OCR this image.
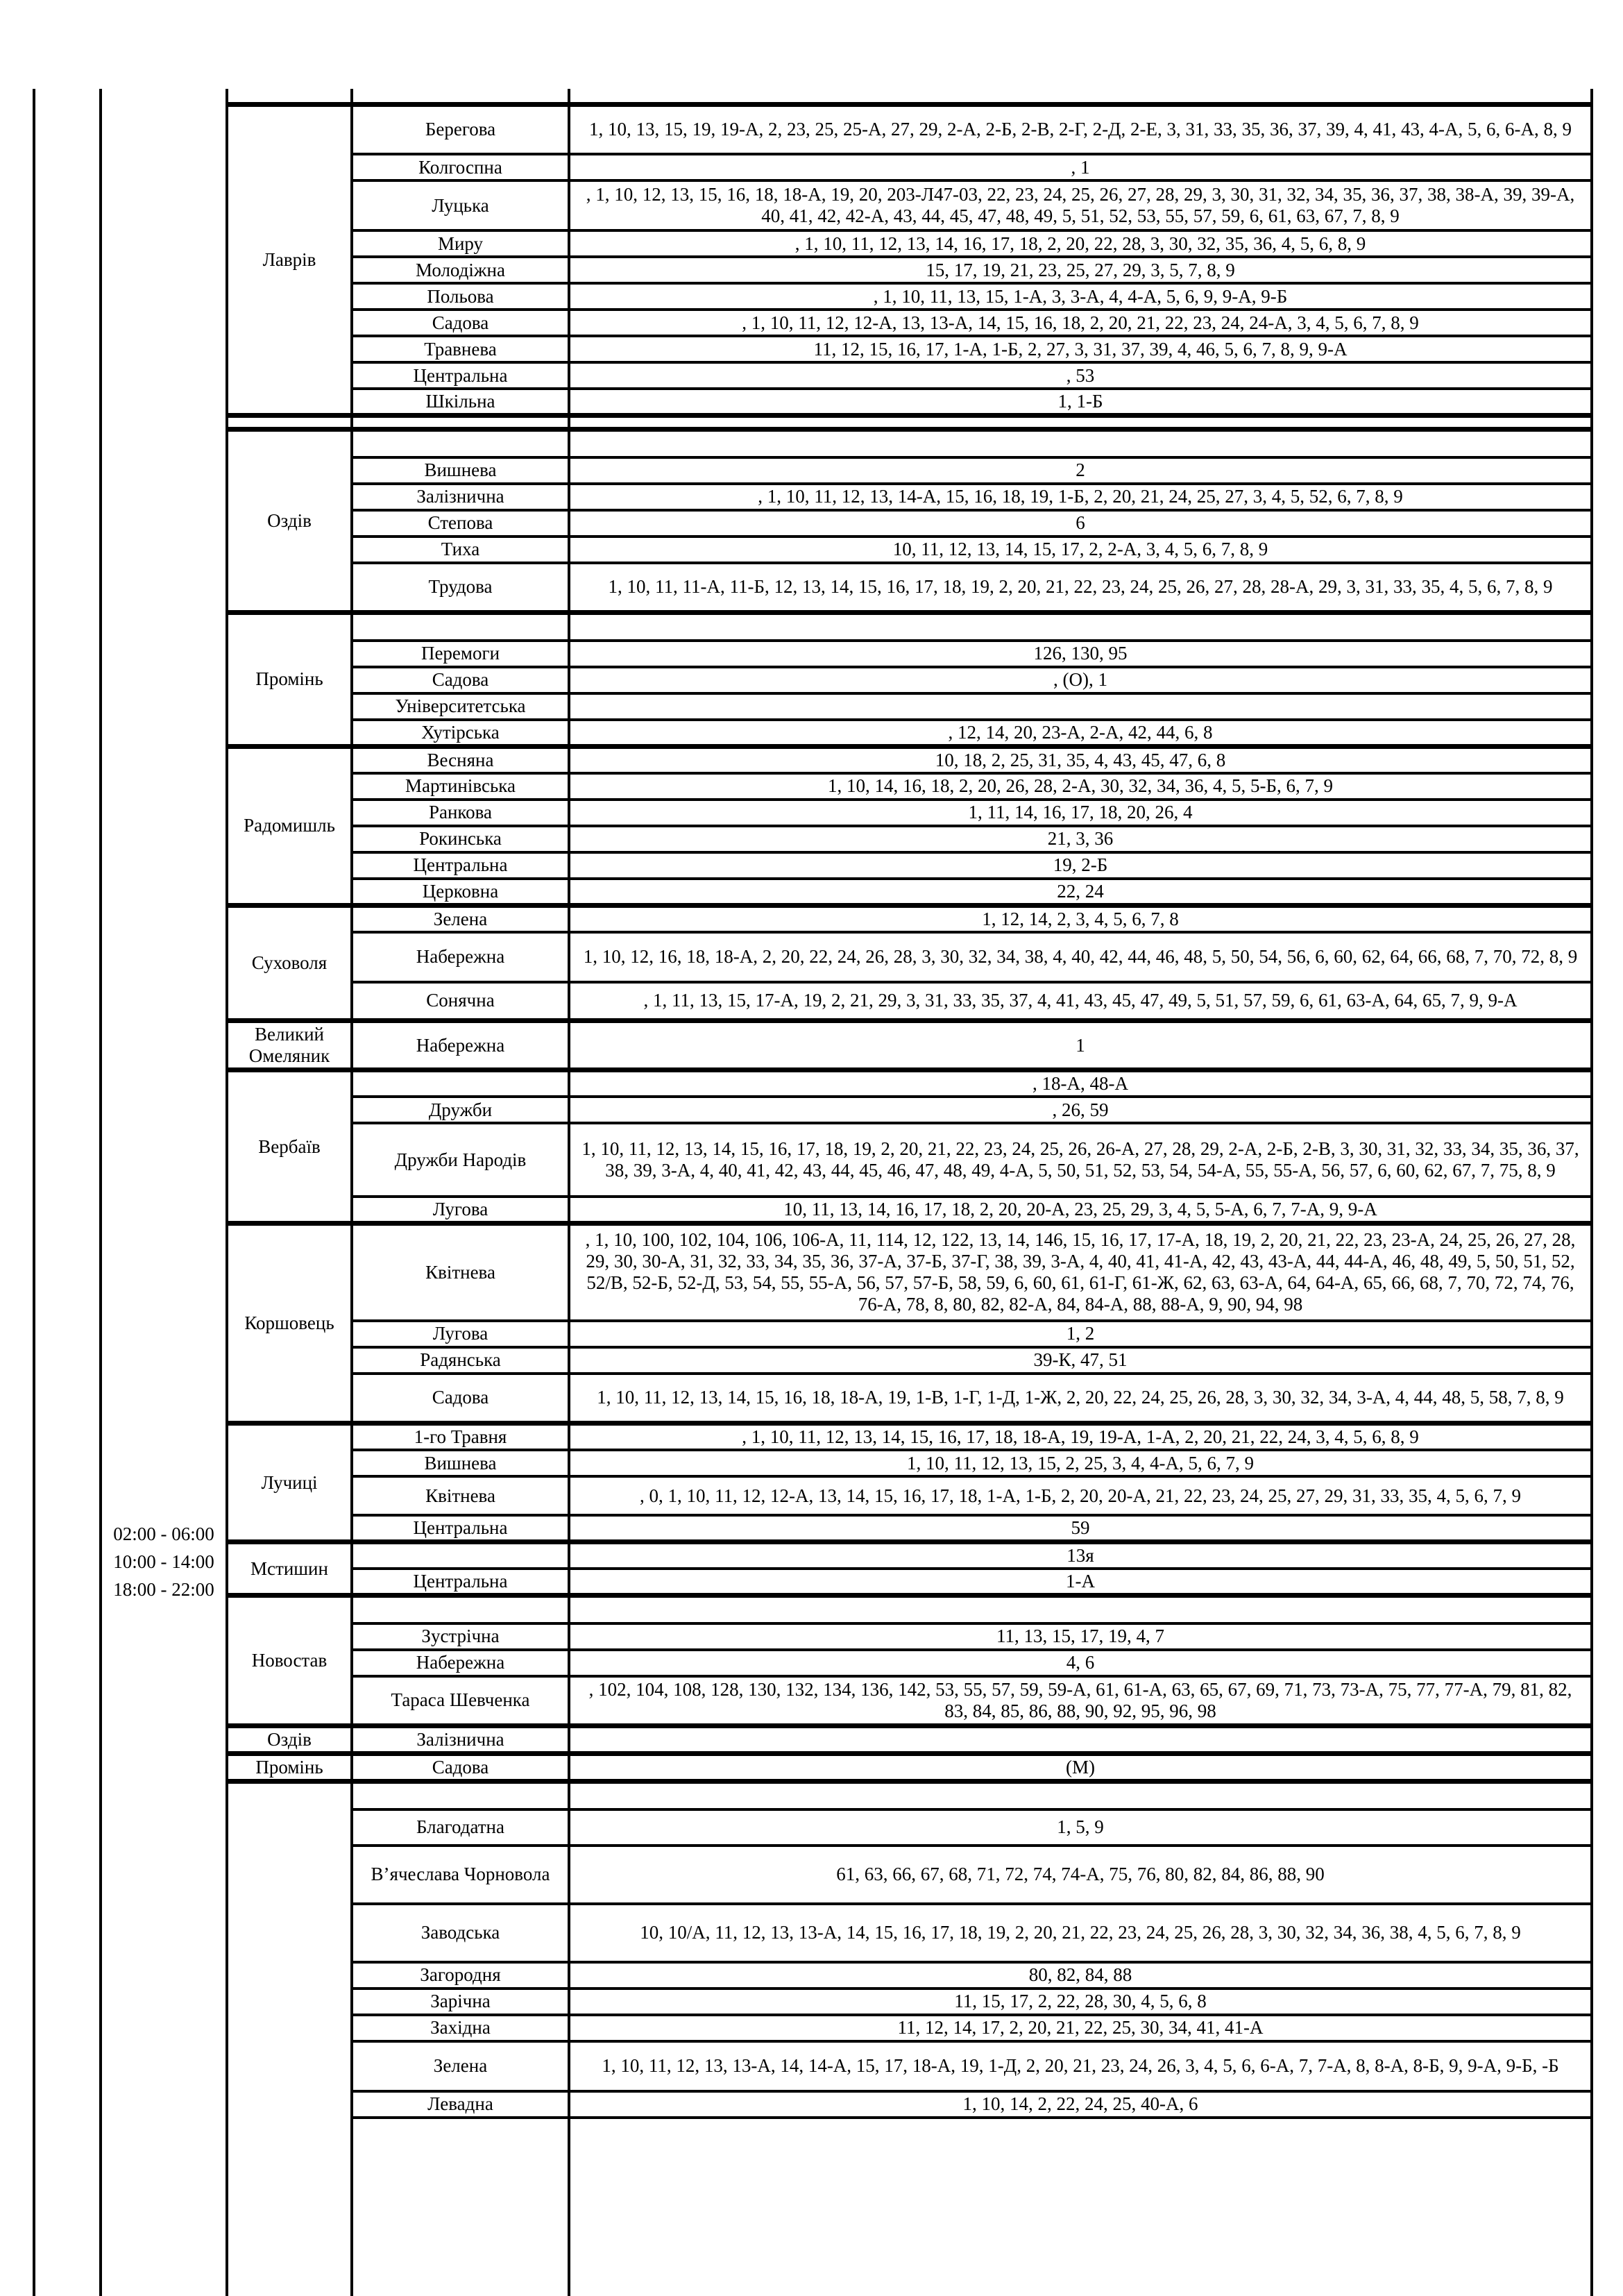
02:00 - 06:00
10:00 - 14:00
18:00 - 22:00

Лаврів	Берегова	1, 10, 13, 15, 19, 19-А, 2, 23, 25, 25-А, 27, 29, 2-А, 2-Б, 2-В, 2-Г, 2-Д, 2-Е, 3, 31, 33, 35, 36, 37, 39, 4, 41, 43, 4-А, 5, 6, 6-А, 8, 9
	Колгоспна	, 1
	Луцька	, 1, 10, 12, 13, 15, 16, 18, 18-А, 19, 20, 203-Л47-03, 22, 23, 24, 25, 26, 27, 28, 29, 3, 30, 31, 32, 34, 35, 36, 37, 38, 38-А, 39, 39-А, 40, 41, 42, 42-А, 43, 44, 45, 47, 48, 49, 5, 51, 52, 53, 55, 57, 59, 6, 61, 63, 67, 7, 8, 9
	Миру	, 1, 10, 11, 12, 13, 14, 16, 17, 18, 2, 20, 22, 28, 3, 30, 32, 35, 36, 4, 5, 6, 8, 9
	Молодіжна	15, 17, 19, 21, 23, 25, 27, 29, 3, 5, 7, 8, 9
	Польова	, 1, 10, 11, 13, 15, 1-А, 3, 3-А, 4, 4-А, 5, 6, 9, 9-А, 9-Б
	Садова	, 1, 10, 11, 12, 12-А, 13, 13-А, 14, 15, 16, 18, 2, 20, 21, 22, 23, 24, 24-А, 3, 4, 5, 6, 7, 8, 9
	Травнева	11, 12, 15, 16, 17, 1-А, 1-Б, 2, 27, 3, 31, 37, 39, 4, 46, 5, 6, 7, 8, 9, 9-А
	Центральна	, 53
	Шкільна	1, 1-Б

Оздів		
	Вишнева	2
	Залізнична	, 1, 10, 11, 12, 13, 14-А, 15, 16, 18, 19, 1-Б, 2, 20, 21, 24, 25, 27, 3, 4, 5, 52, 6, 7, 8, 9
	Степова	6
	Тиха	10, 11, 12, 13, 14, 15, 17, 2, 2-А, 3, 4, 5, 6, 7, 8, 9
	Трудова	1, 10, 11, 11-А, 11-Б, 12, 13, 14, 15, 16, 17, 18, 19, 2, 20, 21, 22, 23, 24, 25, 26, 27, 28, 28-А, 29, 3, 31, 33, 35, 4, 5, 6, 7, 8, 9
Промінь		
	Перемоги	126, 130, 95
	Садова	, (О), 1
	Університетська	
	Хутірська	, 12, 14, 20, 23-А, 2-А, 42, 44, 6, 8
Радомишль	Весняна	10, 18, 2, 25, 31, 35, 4, 43, 45, 47, 6, 8
	Мартинівська	1, 10, 14, 16, 18, 2, 20, 26, 28, 2-А, 30, 32, 34, 36, 4, 5, 5-Б, 6, 7, 9
	Ранкова	1, 11, 14, 16, 17, 18, 20, 26, 4
	Рокинська	21, 3, 36
	Центральна	19, 2-Б
	Церковна	22, 24
Суховоля	Зелена	1, 12, 14, 2, 3, 4, 5, 6, 7, 8
	Набережна	1, 10, 12, 16, 18, 18-А, 2, 20, 22, 24, 26, 28, 3, 30, 32, 34, 38, 4, 40, 42, 44, 46, 48, 5, 50, 54, 56, 6, 60, 62, 64, 66, 68, 7, 70, 72, 8, 9
	Сонячна	, 1, 11, 13, 15, 17-А, 19, 2, 21, 29, 3, 31, 33, 35, 37, 4, 41, 43, 45, 47, 49, 5, 51, 57, 59, 6, 61, 63-А, 64, 65, 7, 9, 9-А
Великий Омеляник	Набережна	1
Вербаїв		, 18-А, 48-А
	Дружби	, 26, 59
	Дружби Народів	1, 10, 11, 12, 13, 14, 15, 16, 17, 18, 19, 2, 20, 21, 22, 23, 24, 25, 26, 26-А, 27, 28, 29, 2-А, 2-Б, 2-В, 3, 30, 31, 32, 33, 34, 35, 36, 37, 38, 39, 3-А, 4, 40, 41, 42, 43, 44, 45, 46, 47, 48, 49, 4-А, 5, 50, 51, 52, 53, 54, 54-А, 55, 55-А, 56, 57, 6, 60, 62, 67, 7, 75, 8, 9
	Лугова	10, 11, 13, 14, 16, 17, 18, 2, 20, 20-А, 23, 25, 29, 3, 4, 5, 5-А, 6, 7, 7-А, 9, 9-А
Коршовець	Квітнева	, 1, 10, 100, 102, 104, 106, 106-А, 11, 114, 12, 122, 13, 14, 146, 15, 16, 17, 17-А, 18, 19, 2, 20, 21, 22, 23, 23-А, 24, 25, 26, 27, 28, 29, 30, 30-А, 31, 32, 33, 34, 35, 36, 37-А, 37-Б, 37-Г, 38, 39, 3-А, 4, 40, 41, 41-А, 42, 43, 43-А, 44, 44-А, 46, 48, 49, 5, 50, 51, 52, 52/В, 52-Б, 52-Д, 53, 54, 55, 55-А, 56, 57, 57-Б, 58, 59, 6, 60, 61, 61-Г, 61-Ж, 62, 63, 63-А, 64, 64-А, 65, 66, 68, 7, 70, 72, 74, 76, 76-А, 78, 8, 80, 82, 82-А, 84, 84-А, 88, 88-А, 9, 90, 94, 98
	Лугова	1, 2
	Радянська	39-К, 47, 51
	Садова	1, 10, 11, 12, 13, 14, 15, 16, 18, 18-А, 19, 1-В, 1-Г, 1-Д, 1-Ж, 2, 20, 22, 24, 25, 26, 28, 3, 30, 32, 34, 3-А, 4, 44, 48, 5, 58, 7, 8, 9
Лучиці	1-го Травня	, 1, 10, 11, 12, 13, 14, 15, 16, 17, 18, 18-А, 19, 19-А, 1-А, 2, 20, 21, 22, 24, 3, 4, 5, 6, 8, 9
	Вишнева	1, 10, 11, 12, 13, 15, 2, 25, 3, 4, 4-А, 5, 6, 7, 9
	Квітнева	, 0, 1, 10, 11, 12, 12-А, 13, 14, 15, 16, 17, 18, 1-А, 1-Б, 2, 20, 20-А, 21, 22, 23, 24, 25, 27, 29, 31, 33, 35, 4, 5, 6, 7, 9
	Центральна	59
Мстишин		13я
	Центральна	1-А
Новостав		
	Зустрічна	11, 13, 15, 17, 19, 4, 7
	Набережна	4, 6
	Тараса Шевченка	, 102, 104, 108, 128, 130, 132, 134, 136, 142, 53, 55, 57, 59, 59-А, 61, 61-А, 63, 65, 67, 69, 71, 73, 73-А, 75, 77, 77-А, 79, 81, 82, 83, 84, 85, 86, 88, 90, 92, 95, 96, 98
Оздів	Залізнична	
Промінь	Садова	(М)

	Благодатна	1, 5, 9
	В’ячеслава Чорновола	61, 63, 66, 67, 68, 71, 72, 74, 74-А, 75, 76, 80, 82, 84, 86, 88, 90
	Заводська	10, 10/А, 11, 12, 13, 13-А, 14, 15, 16, 17, 18, 19, 2, 20, 21, 22, 23, 24, 25, 26, 28, 3, 30, 32, 34, 36, 38, 4, 5, 6, 7, 8, 9
	Загородня	80, 82, 84, 88
	Зарічна	11, 15, 17, 2, 22, 28, 30, 4, 5, 6, 8
	Західна	11, 12, 14, 17, 2, 20, 21, 22, 25, 30, 34, 41, 41-А
	Зелена	1, 10, 11, 12, 13, 13-А, 14, 14-А, 15, 17, 18-А, 19, 1-Д, 2, 20, 21, 23, 24, 26, 3, 4, 5, 6, 6-А, 7, 7-А, 8, 8-А, 8-Б, 9, 9-А, 9-Б, -Б
	Левадна	1, 10, 14, 2, 22, 24, 25, 40-А, 6
